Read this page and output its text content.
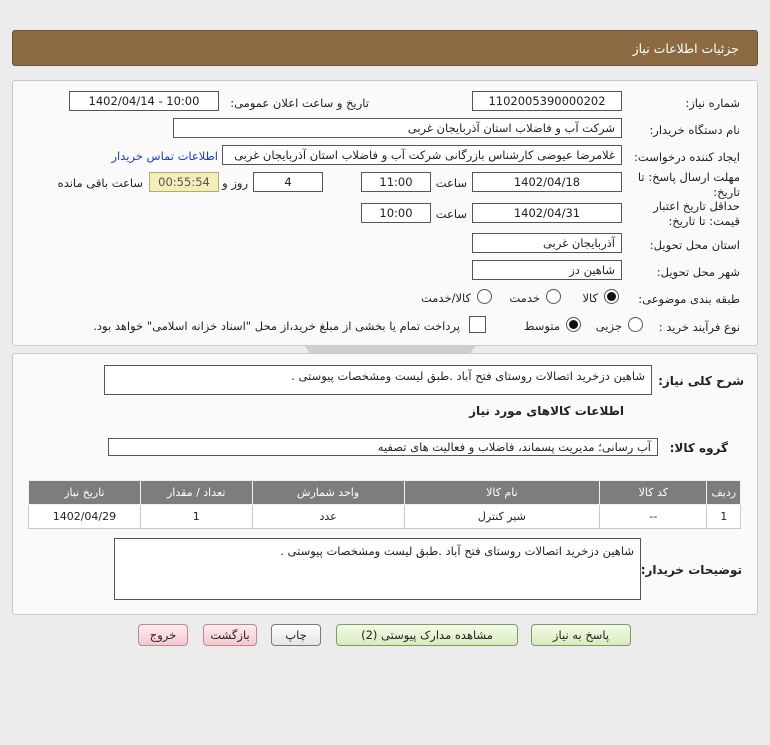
جزئیات اطلاعات نیاز
شماره نیاز:
1102005390000202
تاریخ و ساعت اعلان عمومی:
1402/04/14 - 10:00
نام دستگاه خریدار:
شرکت آب و فاضلاب استان آذربایجان غربی
ایجاد کننده درخواست:
غلامرضا عیوضی کارشناس بازرگانی شرکت آب و فاضلاب استان آذربایجان غربی
اطلاعات تماس خریدار
مهلت ارسال پاسخ: تا تاریخ:
1402/04/18
ساعت
11:00
4
روز و
00:55:54
ساعت باقی مانده
حداقل تاریخ اعتبار قیمت: تا تاریخ:
1402/04/31
ساعت
10:00
استان محل تحویل:
آذربایجان غربی
شهر محل تحویل:
شاهین دز
طبقه بندی موضوعی:
کالا
خدمت
کالا/خدمت
نوع فرآیند خرید :
جزیی
متوسط
پرداخت تمام یا بخشی از مبلغ خرید،از محل "اسناد خزانه اسلامی" خواهد بود.
شرح کلی نیاز:
شاهین دزخرید اتصالات روستای فتح آباد .طبق لیست ومشخصات پیوستی .
اطلاعات کالاهای مورد نیاز
گروه کالا:
آب رسانی؛ مدیریت پسماند، فاضلاب و فعالیت های تصفیه
ردیف	کد کالا	نام کالا	واحد شمارش	تعداد / مقدار	تاریخ نیاز
1	--	شیر کنترل	عدد	1	1402/04/29
توضیحات خریدار:
شاهین دزخرید اتصالات روستای فتح آباد .طبق لیست ومشخصات پیوستی .
پاسخ به نیاز
مشاهده مدارک پیوستی (2)
چاپ
بازگشت
خروج
